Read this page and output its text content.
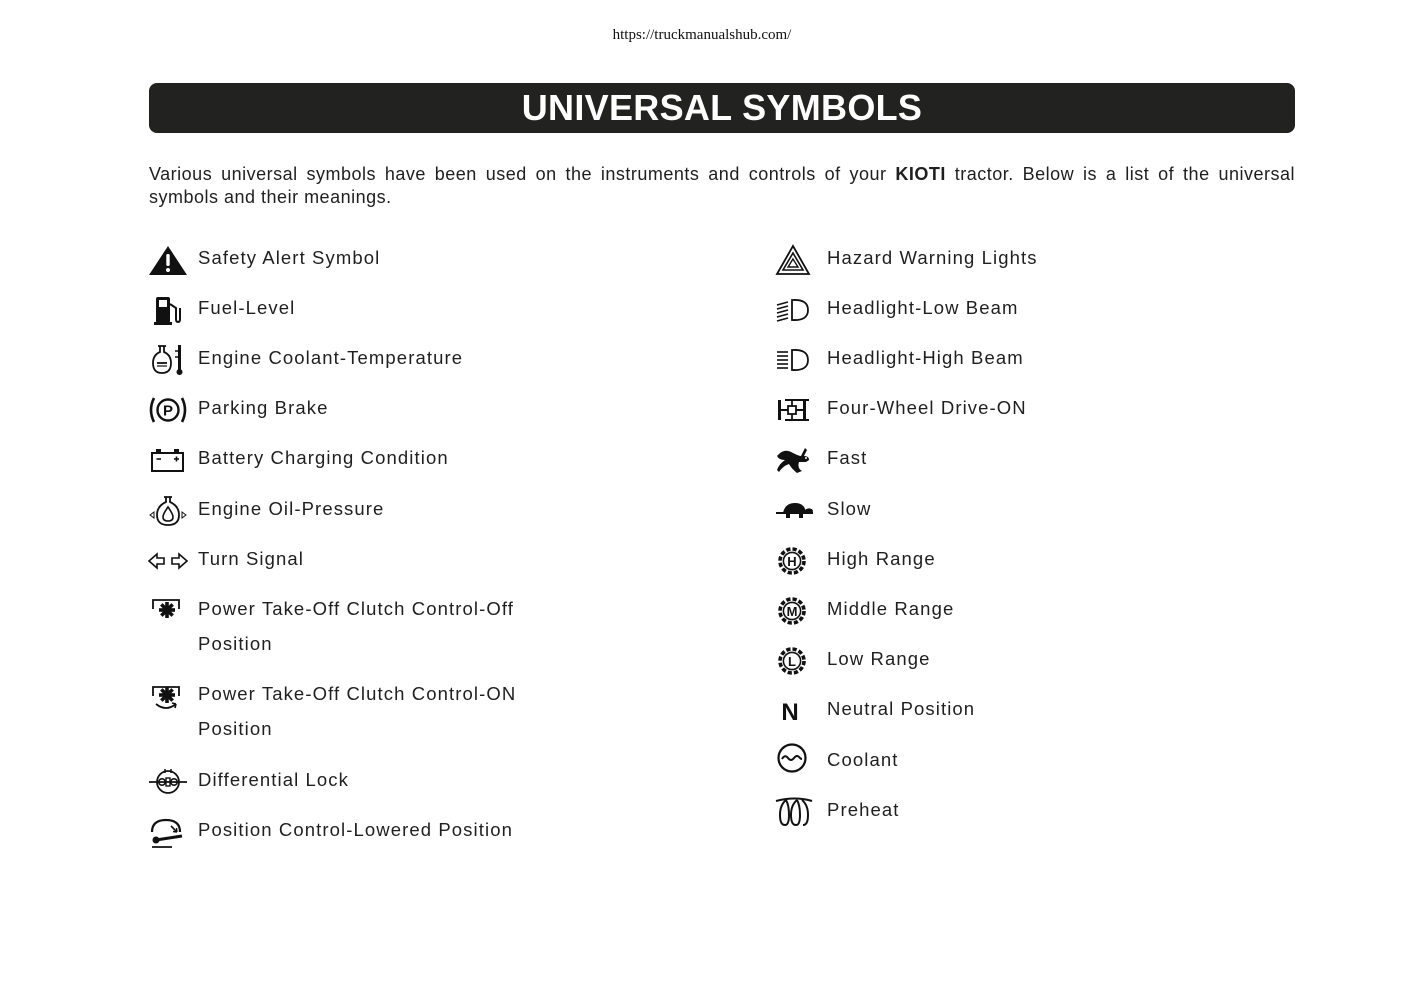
https://truckmanualshub.com/
UNIVERSAL SYMBOLS

Various universal symbols have been used on the instruments and controls of your KIOTI tractor. Below is a list of the universal symbols and their meanings.

Safety Alert Symbol
Fuel-Level
Engine Coolant-Temperature
P Parking Brake
Battery Charging Condition
Engine Oil-Pressure
Turn Signal
Power Take-Off Clutch Control-Off Position
Power Take-Off Clutch Control-ON Position
Differential Lock
Position Control-Lowered Position
Hazard Warning Lights
Headlight-Low Beam
Headlight-High Beam
Four-Wheel Drive-ON
Fast
Slow
H High Range
M Middle Range
L Low Range
N Neutral Position
Coolant
Preheat
